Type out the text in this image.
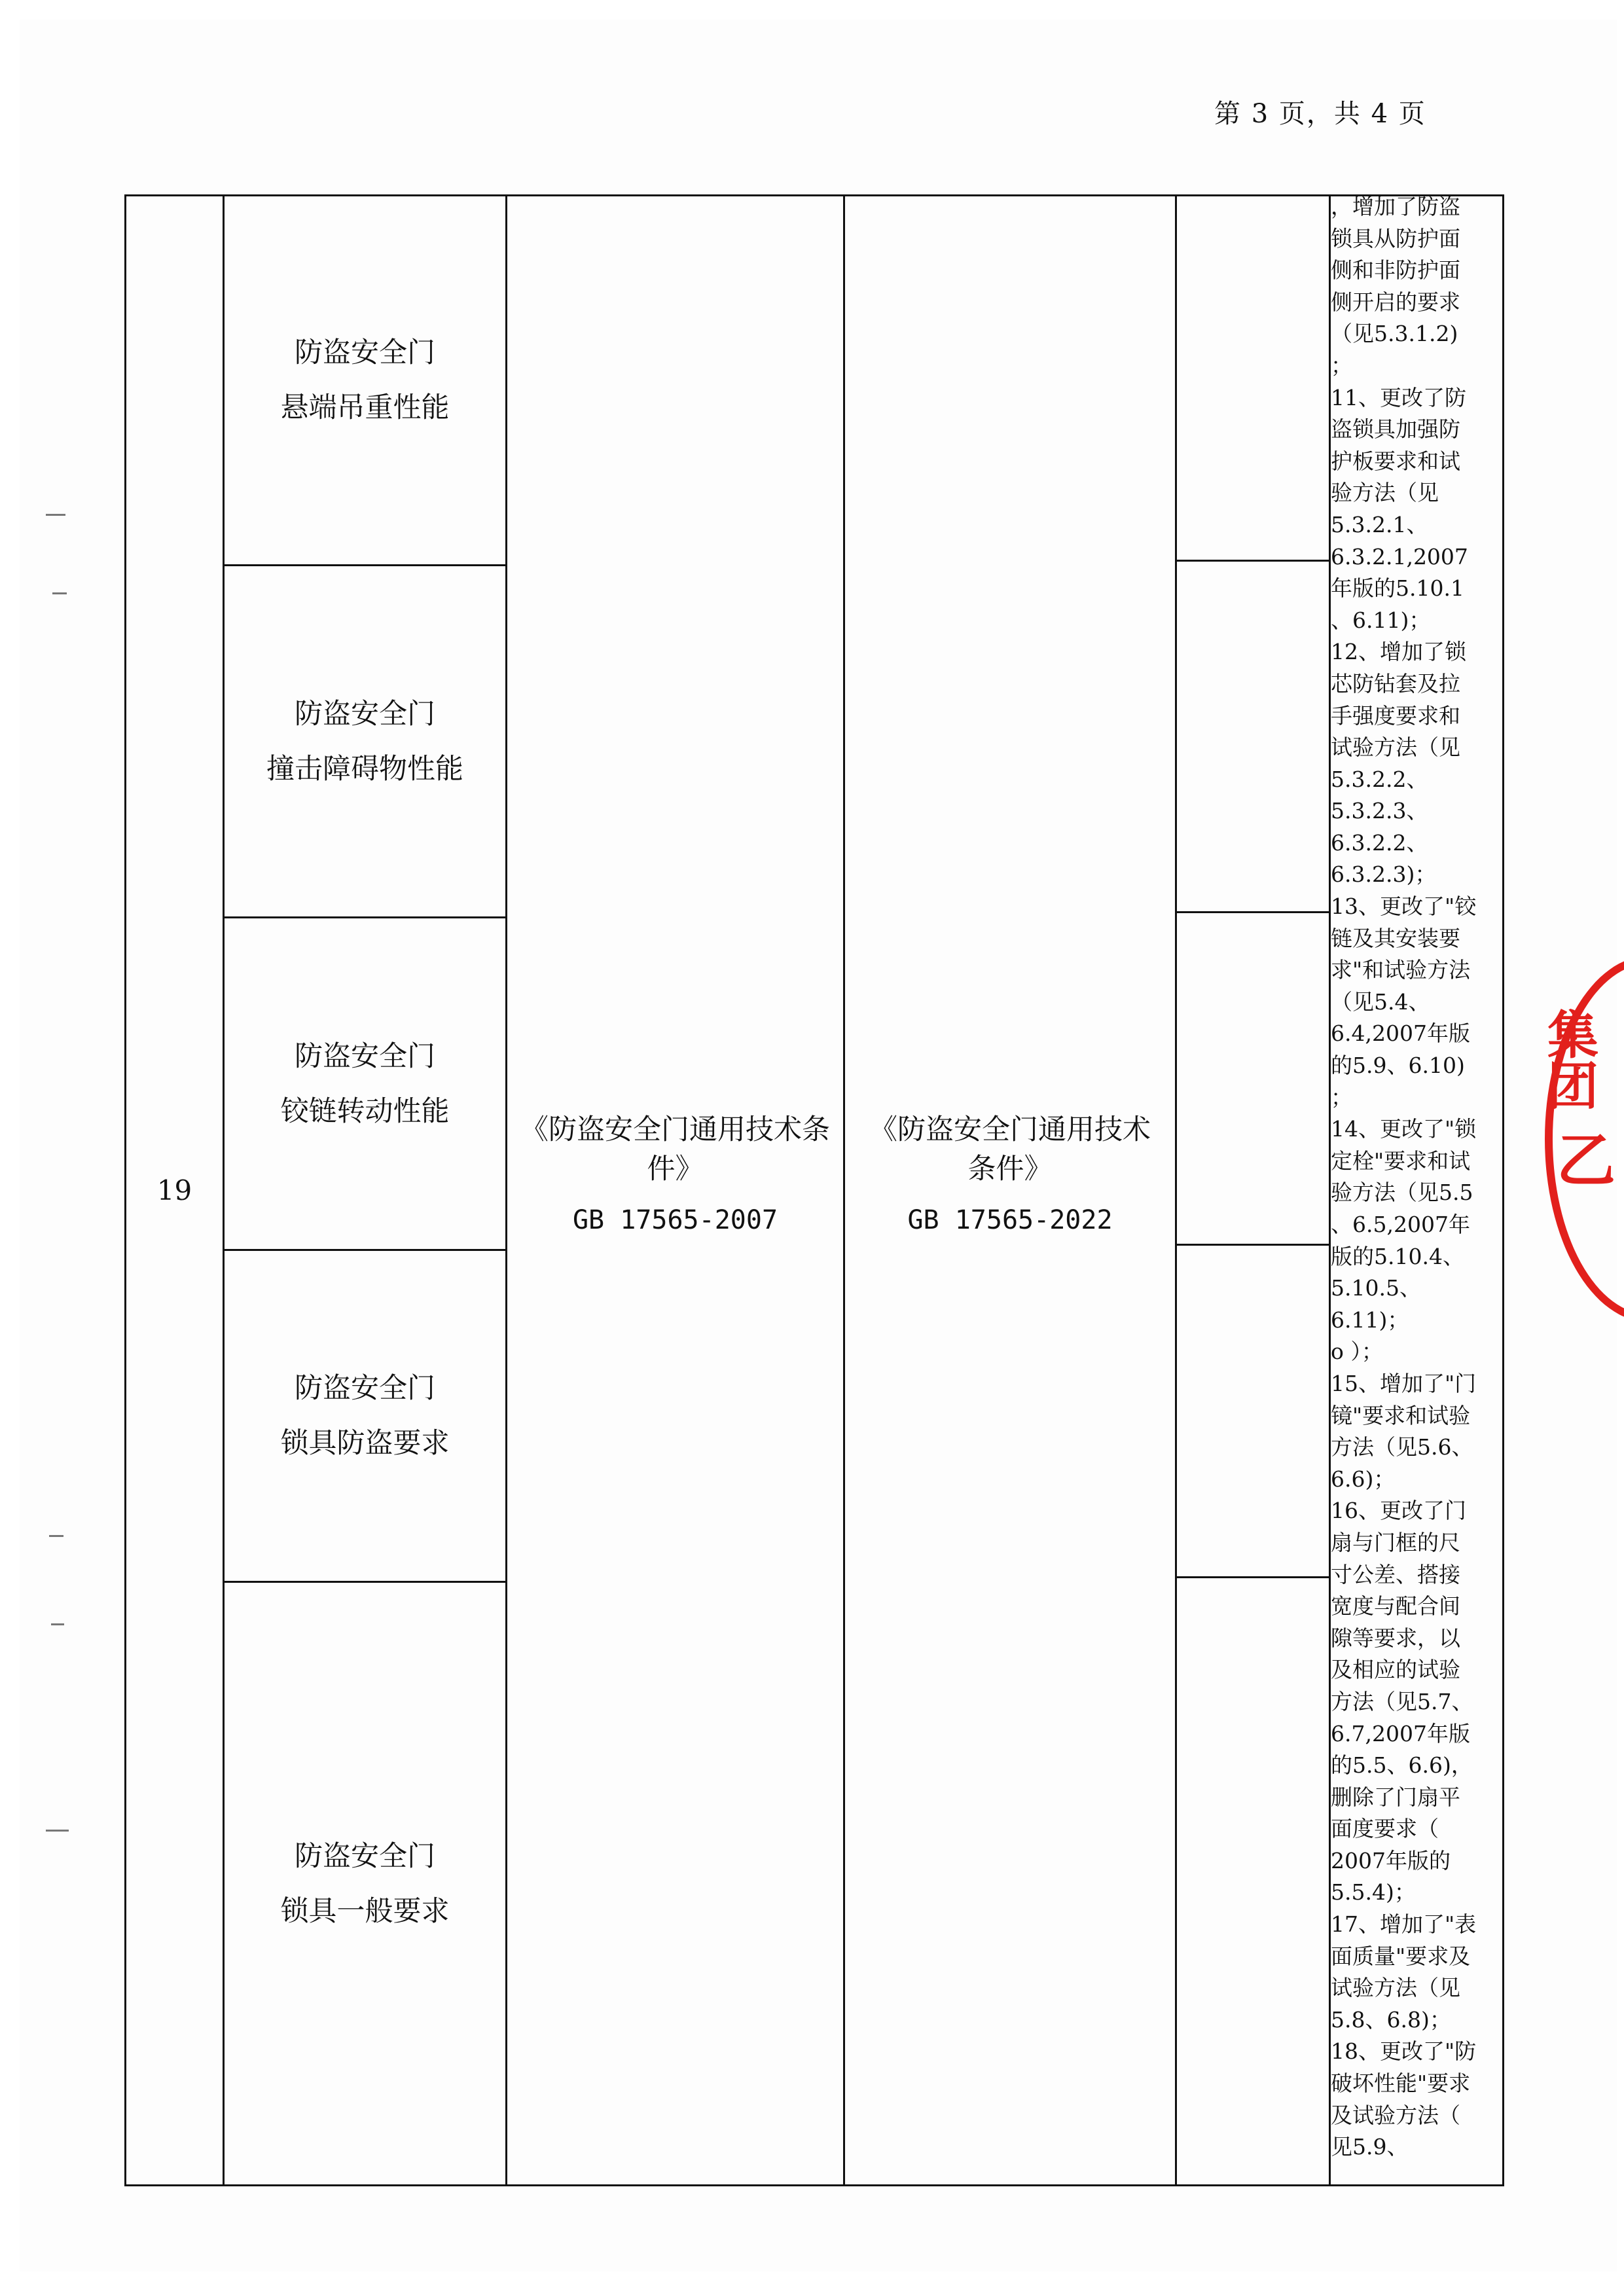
第 3 页，共 4 页
19
防盗安全门
悬端吊重性能
防盗安全门
撞击障碍物性能
防盗安全门
铰链转动性能
防盗安全门
锁具防盗要求
防盗安全门
锁具一般要求
《防盗安全门通用技术条件》
GB 17565-2007
《防盗安全门通用技术条件》
GB 17565-2022
，增加了防盗
锁具从防护面
侧和非防护面
侧开启的要求
（见5.3.1.2)
；
11、更改了防
盗锁具加强防
护板要求和试
验方法（见
5.3.2.1、
6.3.2.1,2007
年版的5.10.1
、6.11)；
12、增加了锁
芯防钻套及拉
手强度要求和
试验方法（见
5.3.2.2、
5.3.2.3、
6.3.2.2、
6.3.2.3)；
13、更改了"铰
链及其安装要
求"和试验方法
（见5.4、
6.4,2007年版
的5.9、6.10)
；
14、更改了"锁
定栓"要求和试
验方法（见5.5
、6.5,2007年
版的5.10.4、
5.10.5、
6.11)；
o ）；
15、增加了"门
镜"要求和试验
方法（见5.6、
6.6)；
16、更改了门
扇与门框的尺
寸公差、搭接
宽度与配合间
隙等要求，以
及相应的试验
方法（见5.7、
6.7,2007年版
的5.5、6.6)，
删除了门扇平
面度要求（
2007年版的
5.5.4)；
17、增加了"表
面质量"要求及
试验方法（见
5.8、6.8)；
18、更改了"防
破坏性能"要求
及试验方法（
见5.9、
集团
乙
